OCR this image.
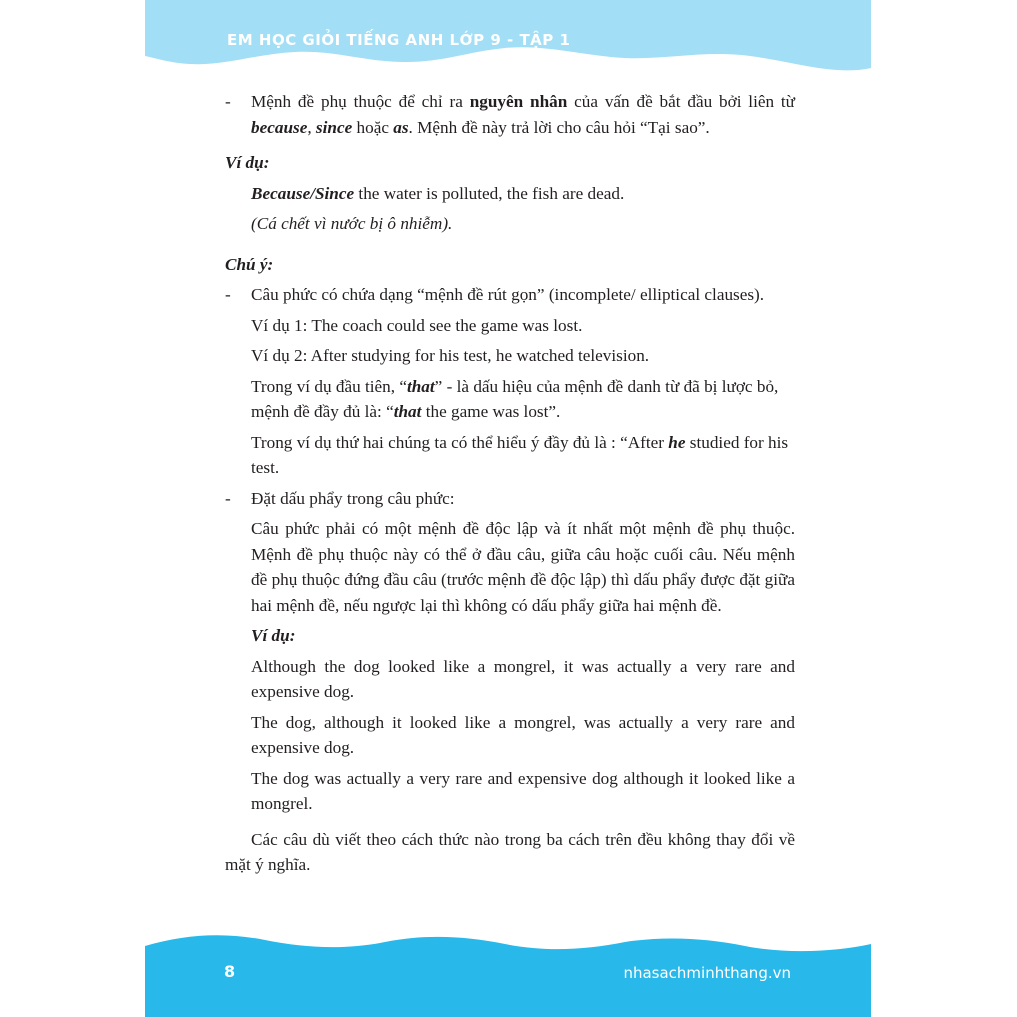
EM HỌC GIỎI TIẾNG ANH LỚP 9 - TẬP 1
- Mệnh đề phụ thuộc để chỉ ra nguyên nhân của vấn đề bắt đầu bởi liên từ because, since hoặc as. Mệnh đề này trả lời cho câu hỏi “Tại sao”.
Ví dụ:
Because/Since the water is polluted, the fish are dead.
(Cá chết vì nước bị ô nhiễm).
Chú ý:
- Câu phức có chứa dạng “mệnh đề rút gọn” (incomplete/ elliptical clauses).
Ví dụ 1: The coach could see the game was lost.
Ví dụ 2: After studying for his test, he watched television.
Trong ví dụ đầu tiên, “that” - là dấu hiệu của mệnh đề danh từ đã bị lược bỏ, mệnh đề đầy đủ là: “that the game was lost”.
Trong ví dụ thứ hai chúng ta có thể hiểu ý đầy đủ là : “After he studied for his test.
- Đặt dấu phẩy trong câu phức:
Câu phức phải có một mệnh đề độc lập và ít nhất một mệnh đề phụ thuộc. Mệnh đề phụ thuộc này có thể ở đầu câu, giữa câu hoặc cuối câu. Nếu mệnh đề phụ thuộc đứng đầu câu (trước mệnh đề độc lập) thì dấu phẩy được đặt giữa hai mệnh đề, nếu ngược lại thì không có dấu phẩy giữa hai mệnh đề.
Ví dụ:
Although the dog looked like a mongrel, it was actually a very rare and expensive dog.
The dog, although it looked like a mongrel, was actually a very rare and expensive dog.
The dog was actually a very rare and expensive dog although it looked like a mongrel.
Các câu dù viết theo cách thức nào trong ba cách trên đều không thay đổi về mặt ý nghĩa.
8	nhasachminhthang.vn
